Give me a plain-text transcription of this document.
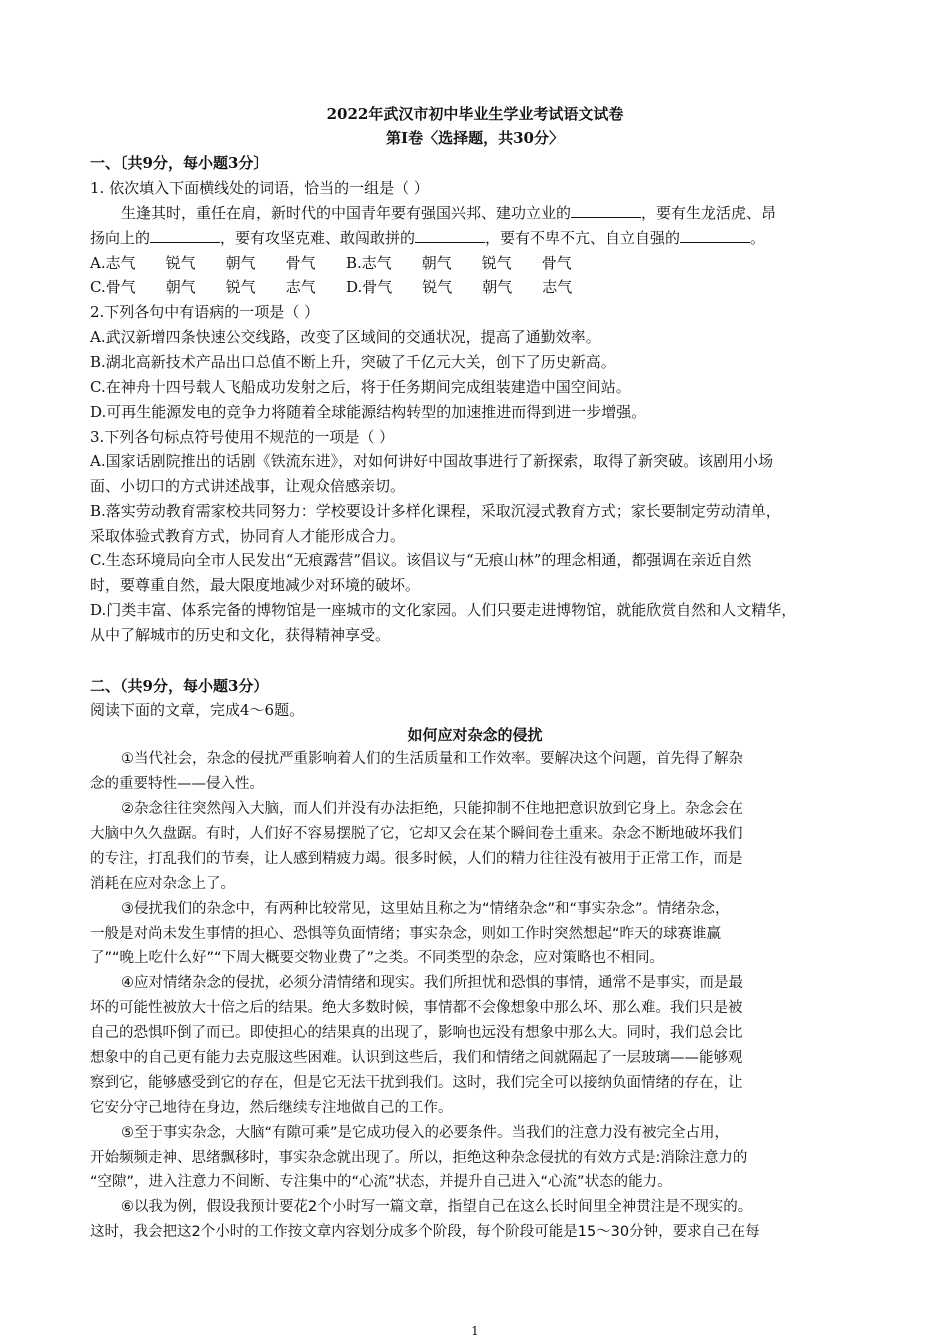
2022年武汉市初中毕业生学业考试语文试卷
第Ⅰ卷〈选择题，共30分〉
一、〔共9分，每小题3分〕
1. 依次填入下面横线处的词语，恰当的一组是（ ）
生逢其时，重任在肩，新时代的中国青年要有强国兴邦、建功立业的	，要有生龙活虎、昂
扬向上的	，要有攻坚克难、敢闯敢拼的	，要有不卑不亢、自立自强的	。
A.志气　　锐气　　朝气　　骨气 B.志气　　朝气　　锐气　　骨气
C.骨气　　朝气　　锐气　　志气 D.骨气　　锐气　　朝气　　志气
2.下列各句中有语病的一项是（ ）
A.武汉新增四条快速公交线路，改变了区域间的交通状况，提高了通勤效率。
B.湖北高新技术产品出口总值不断上升，突破了千亿元大关，创下了历史新高。
C.在神舟十四号载人飞船成功发射之后，将于任务期间完成组装建造中国空间站。
D.可再生能源发电的竞争力将随着全球能源结构转型的加速推进而得到进一步增强。
3.下列各句标点符号使用不规范的一项是（ ）
A.国家话剧院推出的话剧《铁流东进》，对如何讲好中国故事进行了新探索，取得了新突破。该剧用小场
面、小切口的方式讲述战事，让观众倍感亲切。
B.落实劳动教育需家校共同努力：学校要设计多样化课程，采取沉浸式教育方式；家长要制定劳动清单，
采取体验式教育方式，协同育人才能形成合力。
C.生态环境局向全市人民发出“无痕露营”倡议。该倡议与“无痕山林”的理念相通，都强调在亲近自然
时，要尊重自然，最大限度地减少对环境的破坏。
D.门类丰富、体系完备的博物馆是一座城市的文化家园。人们只要走进博物馆，就能欣赏自然和人文精华，
从中了解城市的历史和文化，获得精神享受。
二、（共9分，每小题3分）
阅读下面的文章，完成4～6题。
如何应对杂念的侵扰
①当代社会，杂念的侵扰严重影响着人们的生活质量和工作效率。要解决这个问题，首先得了解杂
念的重要特性——侵入性。
②杂念往往突然闯入大脑，而人们并没有办法拒绝，只能抑制不住地把意识放到它身上。杂念会在
大脑中久久盘踞。有时，人们好不容易摆脱了它，它却又会在某个瞬间卷土重来。杂念不断地破坏我们
的专注，打乱我们的节奏，让人感到精疲力竭。很多时候，人们的精力往往没有被用于正常工作，而是
消耗在应对杂念上了。
③侵扰我们的杂念中，有两种比较常见，这里姑且称之为“情绪杂念”和“事实杂念”。情绪杂念，
一般是对尚未发生事情的担心、恐惧等负面情绪；事实杂念，则如工作时突然想起“昨天的球赛谁赢
了”“晚上吃什么好”“下周大概要交物业费了”之类。不同类型的杂念，应对策略也不相同。
④应对情绪杂念的侵扰，必须分清情绪和现实。我们所担忧和恐惧的事情，通常不是事实，而是最
坏的可能性被放大十倍之后的结果。绝大多数时候，事情都不会像想象中那么坏、那么难。我们只是被
自己的恐惧吓倒了而已。即使担心的结果真的出现了，影响也远没有想象中那么大。同时，我们总会比
想象中的自己更有能力去克服这些困难。认识到这些后，我们和情绪之间就隔起了一层玻璃——能够观
察到它，能够感受到它的存在，但是它无法干扰到我们。这时，我们完全可以接纳负面情绪的存在，让
它安分守己地待在身边，然后继续专注地做自己的工作。
⑤至于事实杂念，大脑“有隙可乘”是它成功侵入的必要条件。当我们的注意力没有被完全占用，
开始频频走神、思绪飘移时，事实杂念就出现了。所以，拒绝这种杂念侵扰的有效方式是:消除注意力的
“空隙”，进入注意力不间断、专注集中的“心流”状态，并提升自己进入“心流”状态的能力。
⑥以我为例，假设我预计要花2个小时写一篇文章，指望自己在这么长时间里全神贯注是不现实的。
这时，我会把这2个小时的工作按文章内容划分成多个阶段，每个阶段可能是15～30分钟，要求自己在每
1
